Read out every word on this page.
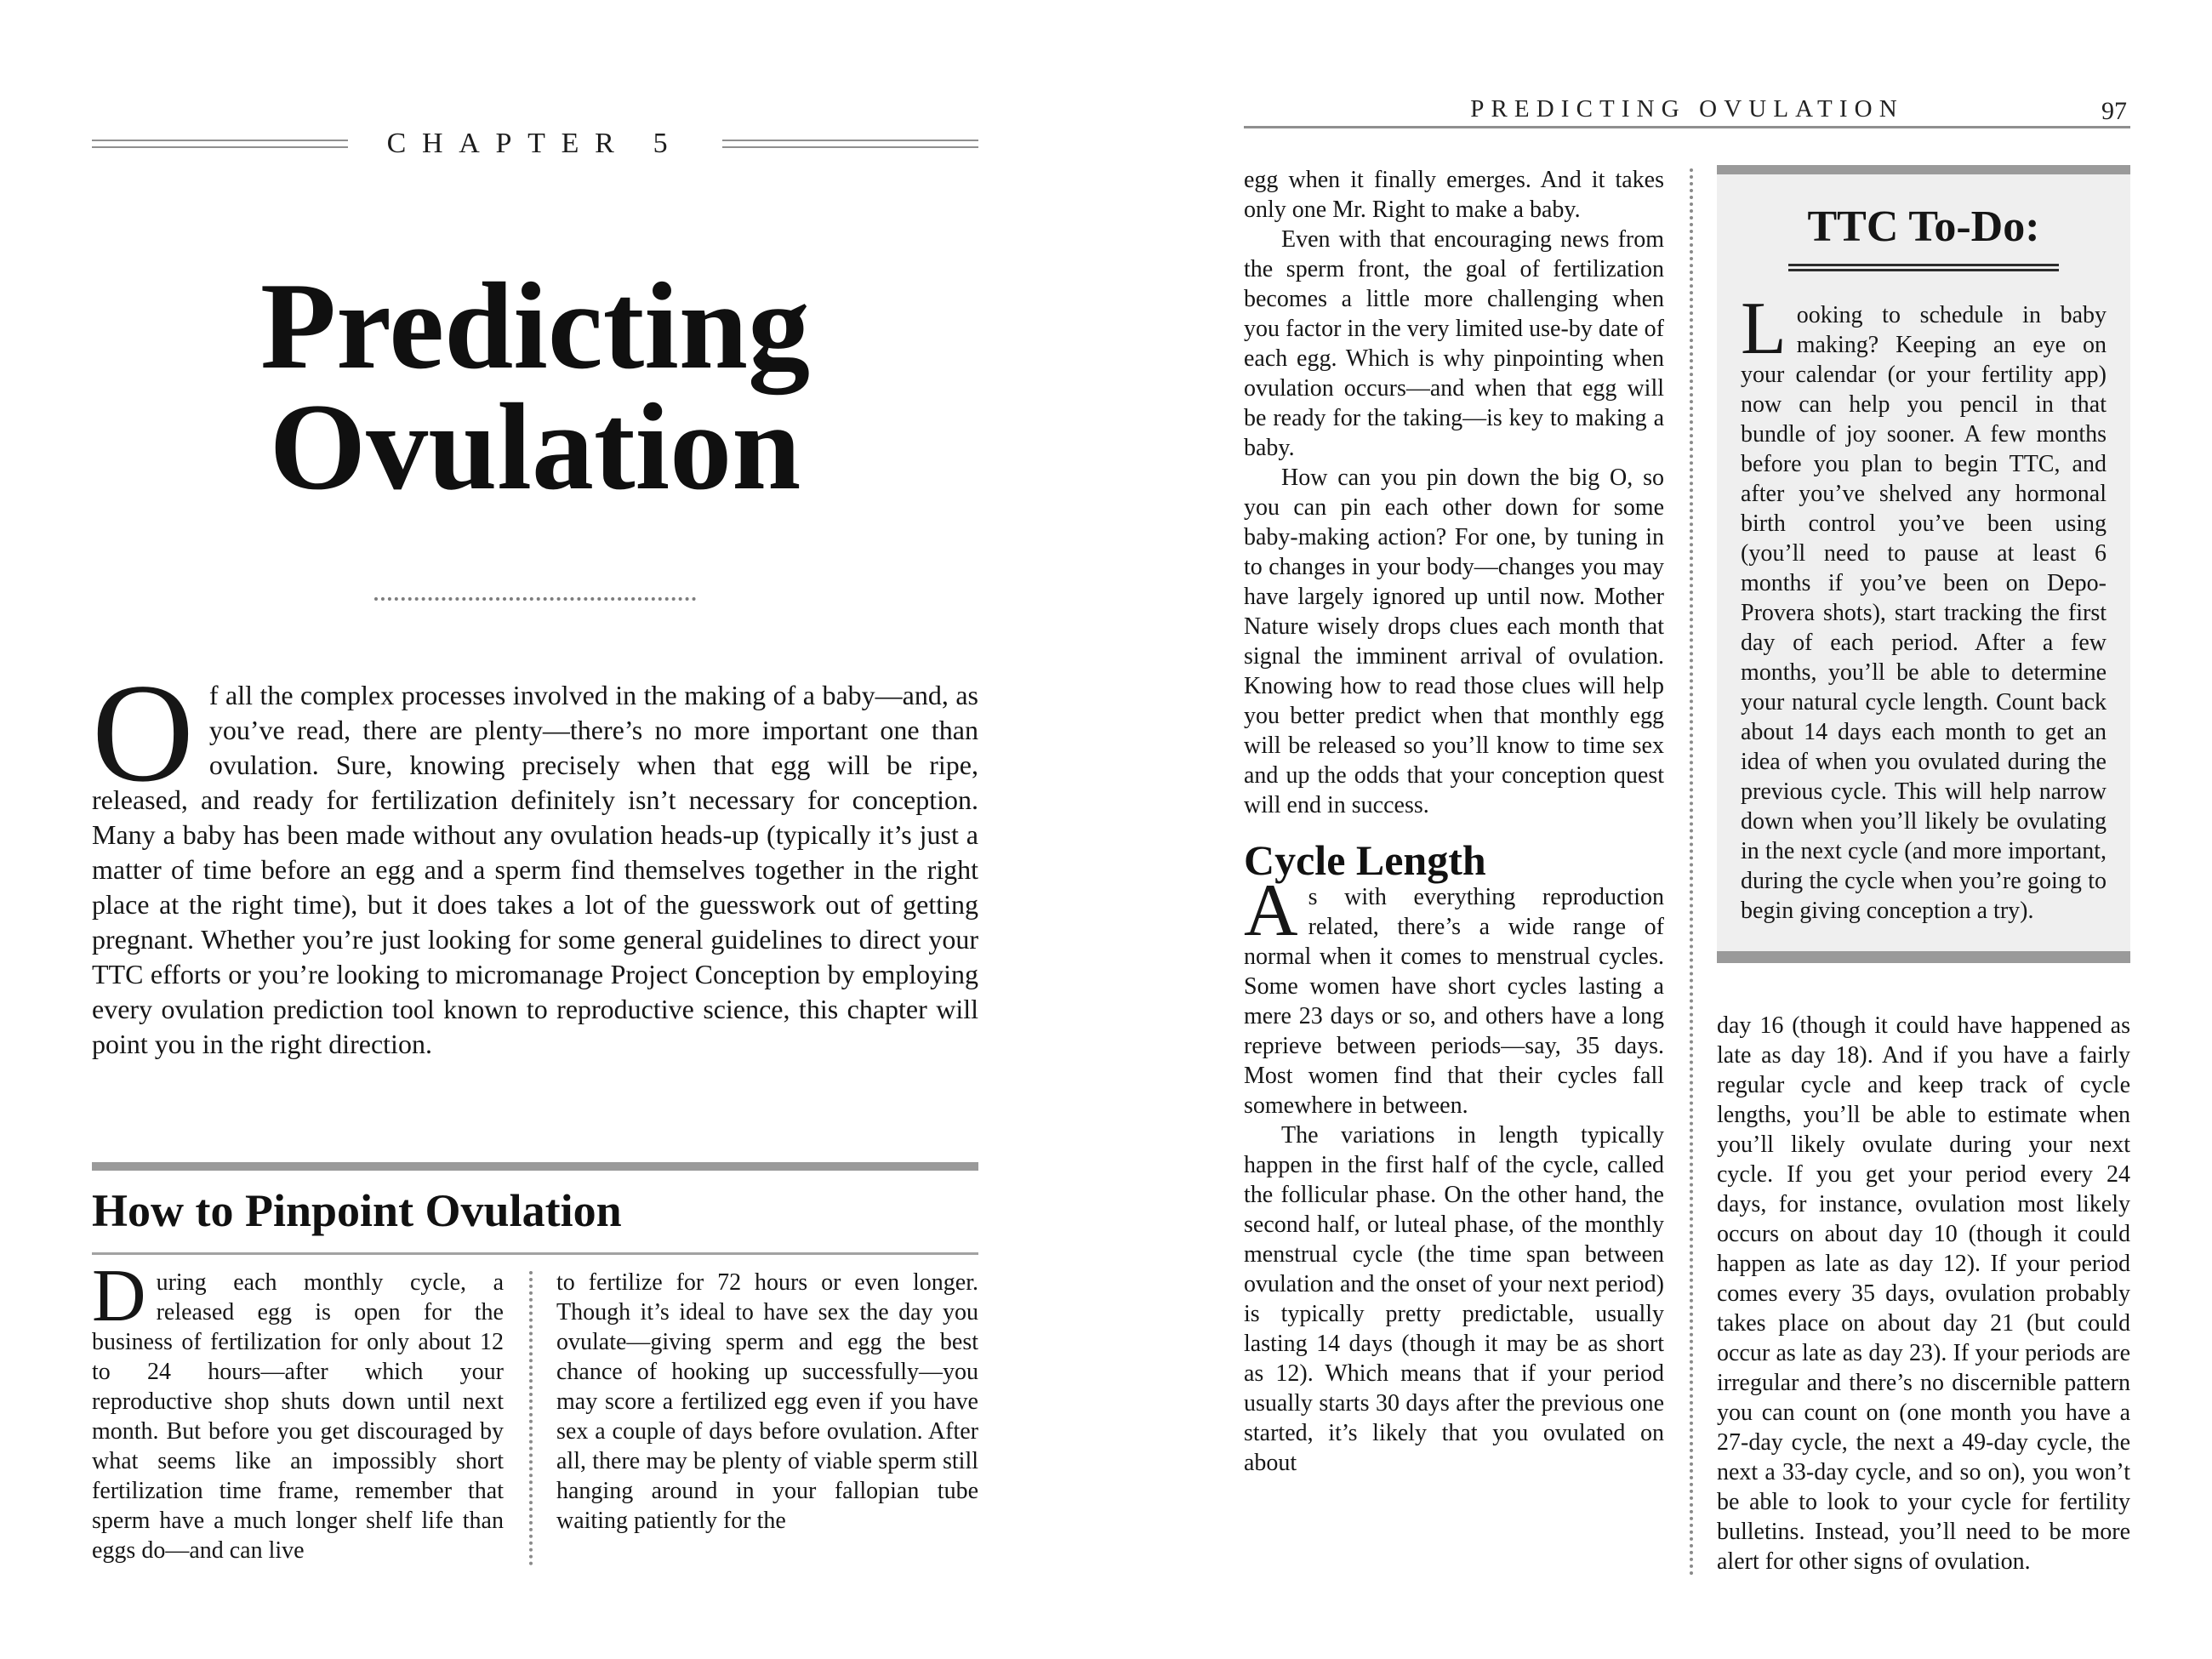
CHAPTER 5
Predicting
Ovulation
Of all the complex processes involved in the making of a baby—and, as you’ve read, there are plenty—there’s no more important one than ovulation. Sure, knowing precisely when that egg will be ripe, released, and ready for fertilization definitely isn’t necessary for conception. Many a baby has been made without any ovulation heads-up (typically it’s just a matter of time before an egg and a sperm find themselves together in the right place at the right time), but it does takes a lot of the guesswork out of getting pregnant. Whether you’re just looking for some general guidelines to direct your TTC efforts or you’re looking to micromanage Project Conception by employing every ovulation prediction tool known to reproductive science, this chapter will point you in the right direction.
How to Pinpoint Ovulation

During each monthly cycle, a released egg is open for the business of fertilization for only about 12 to 24 hours—after which your reproductive shop shuts down until next month. But before you get discouraged by what seems like an impossibly short fertilization time frame, remember that sperm have a much longer shelf life than eggs do—and can live

to fertilize for 72 hours or even longer. Though it’s ideal to have sex the day you ovulate—giving sperm and egg the best chance of hooking up successfully—you may score a fertilized egg even if you have sex a couple of days before ovulation. After all, there may be plenty of viable sperm still hanging around in your fallopian tube waiting patiently for the

PREDICTING OVULATION	97

egg when it finally emerges. And it takes only one Mr. Right to make a baby.

Even with that encouraging news from the sperm front, the goal of fertilization becomes a little more challenging when you factor in the very limited use-by date of each egg. Which is why pinpointing when ovulation occurs—and when that egg will be ready for the taking—is key to making a baby.

How can you pin down the big O, so you can pin each other down for some baby-making action? For one, by tuning in to changes in your body—changes you may have largely ignored up until now. Mother Nature wisely drops clues each month that signal the imminent arrival of ovulation. Knowing how to read those clues will help you better predict when that monthly egg will be released so you’ll know to time sex and up the odds that your conception quest will end in success.

Cycle Length

As with everything reproduction related, there’s a wide range of normal when it comes to menstrual cycles. Some women have short cycles lasting a mere 23 days or so, and others have a long reprieve between periods—say, 35 days. Most women find that their cycles fall somewhere in between.

The variations in length typically happen in the first half of the cycle, called the follicular phase. On the other hand, the second half, or luteal phase, of the monthly menstrual cycle (the time span between ovulation and the onset of your next period) is typically pretty predictable, usually lasting 14 days (though it may be as short as 12). Which means that if your period usually starts 30 days after the previous one started, it’s likely that you ovulated on about

TTC To-Do:
Looking to schedule in baby making? Keeping an eye on your calendar (or your fertility app) now can help you pencil in that bundle of joy sooner. A few months before you plan to begin TTC, and after you’ve shelved any hormonal birth control you’ve been using (you’ll need to pause at least 6 months if you’ve been on Depo-Provera shots), start tracking the first day of each period. After a few months, you’ll be able to determine your natural cycle length. Count back about 14 days each month to get an idea of when you ovulated during the previous cycle. This will help narrow down when you’ll likely be ovulating in the next cycle (and more important, during the cycle when you’re going to begin giving conception a try).

day 16 (though it could have happened as late as day 18). And if you have a fairly regular cycle and keep track of cycle lengths, you’ll be able to estimate when you’ll likely ovulate during your next cycle. If you get your period every 24 days, for instance, ovulation most likely occurs on about day 10 (though it could happen as late as day 12). If your period comes every 35 days, ovulation probably takes place on about day 21 (but could occur as late as day 23). If your periods are irregular and there’s no discernible pattern you can count on (one month you have a 27-day cycle, the next a 49-day cycle, the next a 33-day cycle, and so on), you won’t be able to look to your cycle for fertility bulletins. Instead, you’ll need to be more alert for other signs of ovulation.
